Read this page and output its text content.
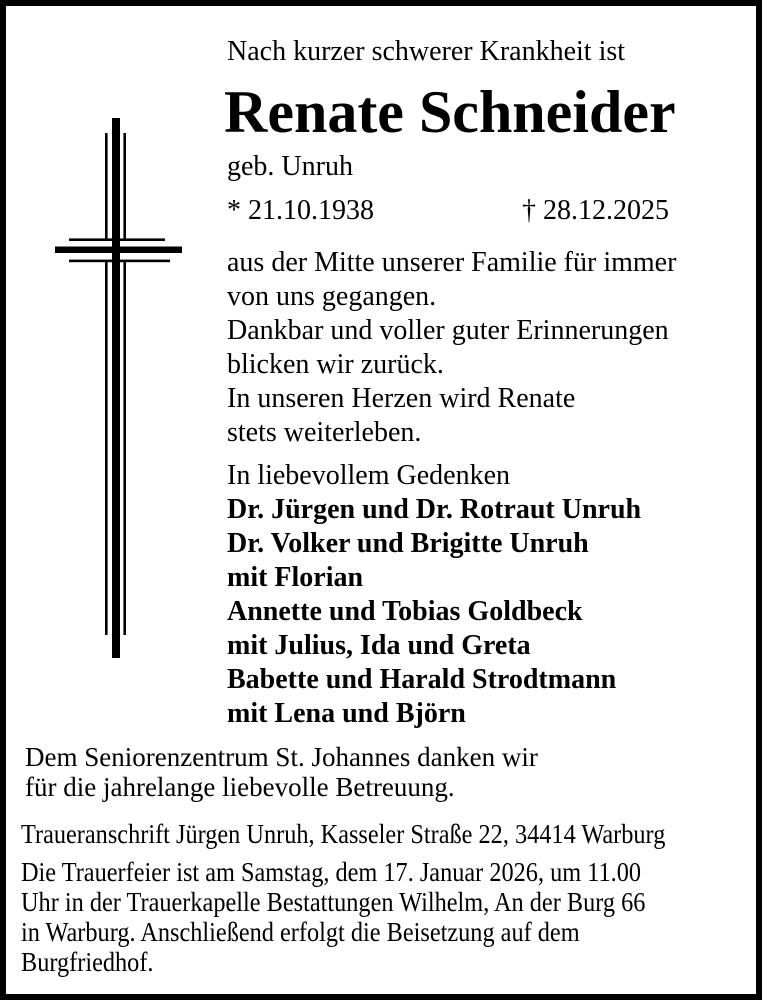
Nach kurzer schwerer Krankheit ist
Renate Schneider
geb. Unruh
* 21.10.1938	† 28.12.2025
aus der Mitte unserer Familie für immer
von uns gegangen.
Dankbar und voller guter Erinnerungen
blicken wir zurück.
In unseren Herzen wird Renate
stets weiterleben.
In liebevollem Gedenken
Dr. Jürgen und Dr. Rotraut Unruh
Dr. Volker und Brigitte Unruh
mit Florian
Annette und Tobias Goldbeck
mit Julius, Ida und Greta
Babette und Harald Strodtmann
mit Lena und Björn
Dem Seniorenzentrum St. Johannes danken wir
für die jahrelange liebevolle Betreuung.
Traueranschrift Jürgen Unruh, Kasseler Straße 22, 34414 Warburg
Die Trauerfeier ist am Samstag, dem 17. Januar 2026, um 11.00
Uhr in der Trauerkapelle Bestattungen Wilhelm, An der Burg 66
in Warburg. Anschließend erfolgt die Beisetzung auf dem
Burgfriedhof.
